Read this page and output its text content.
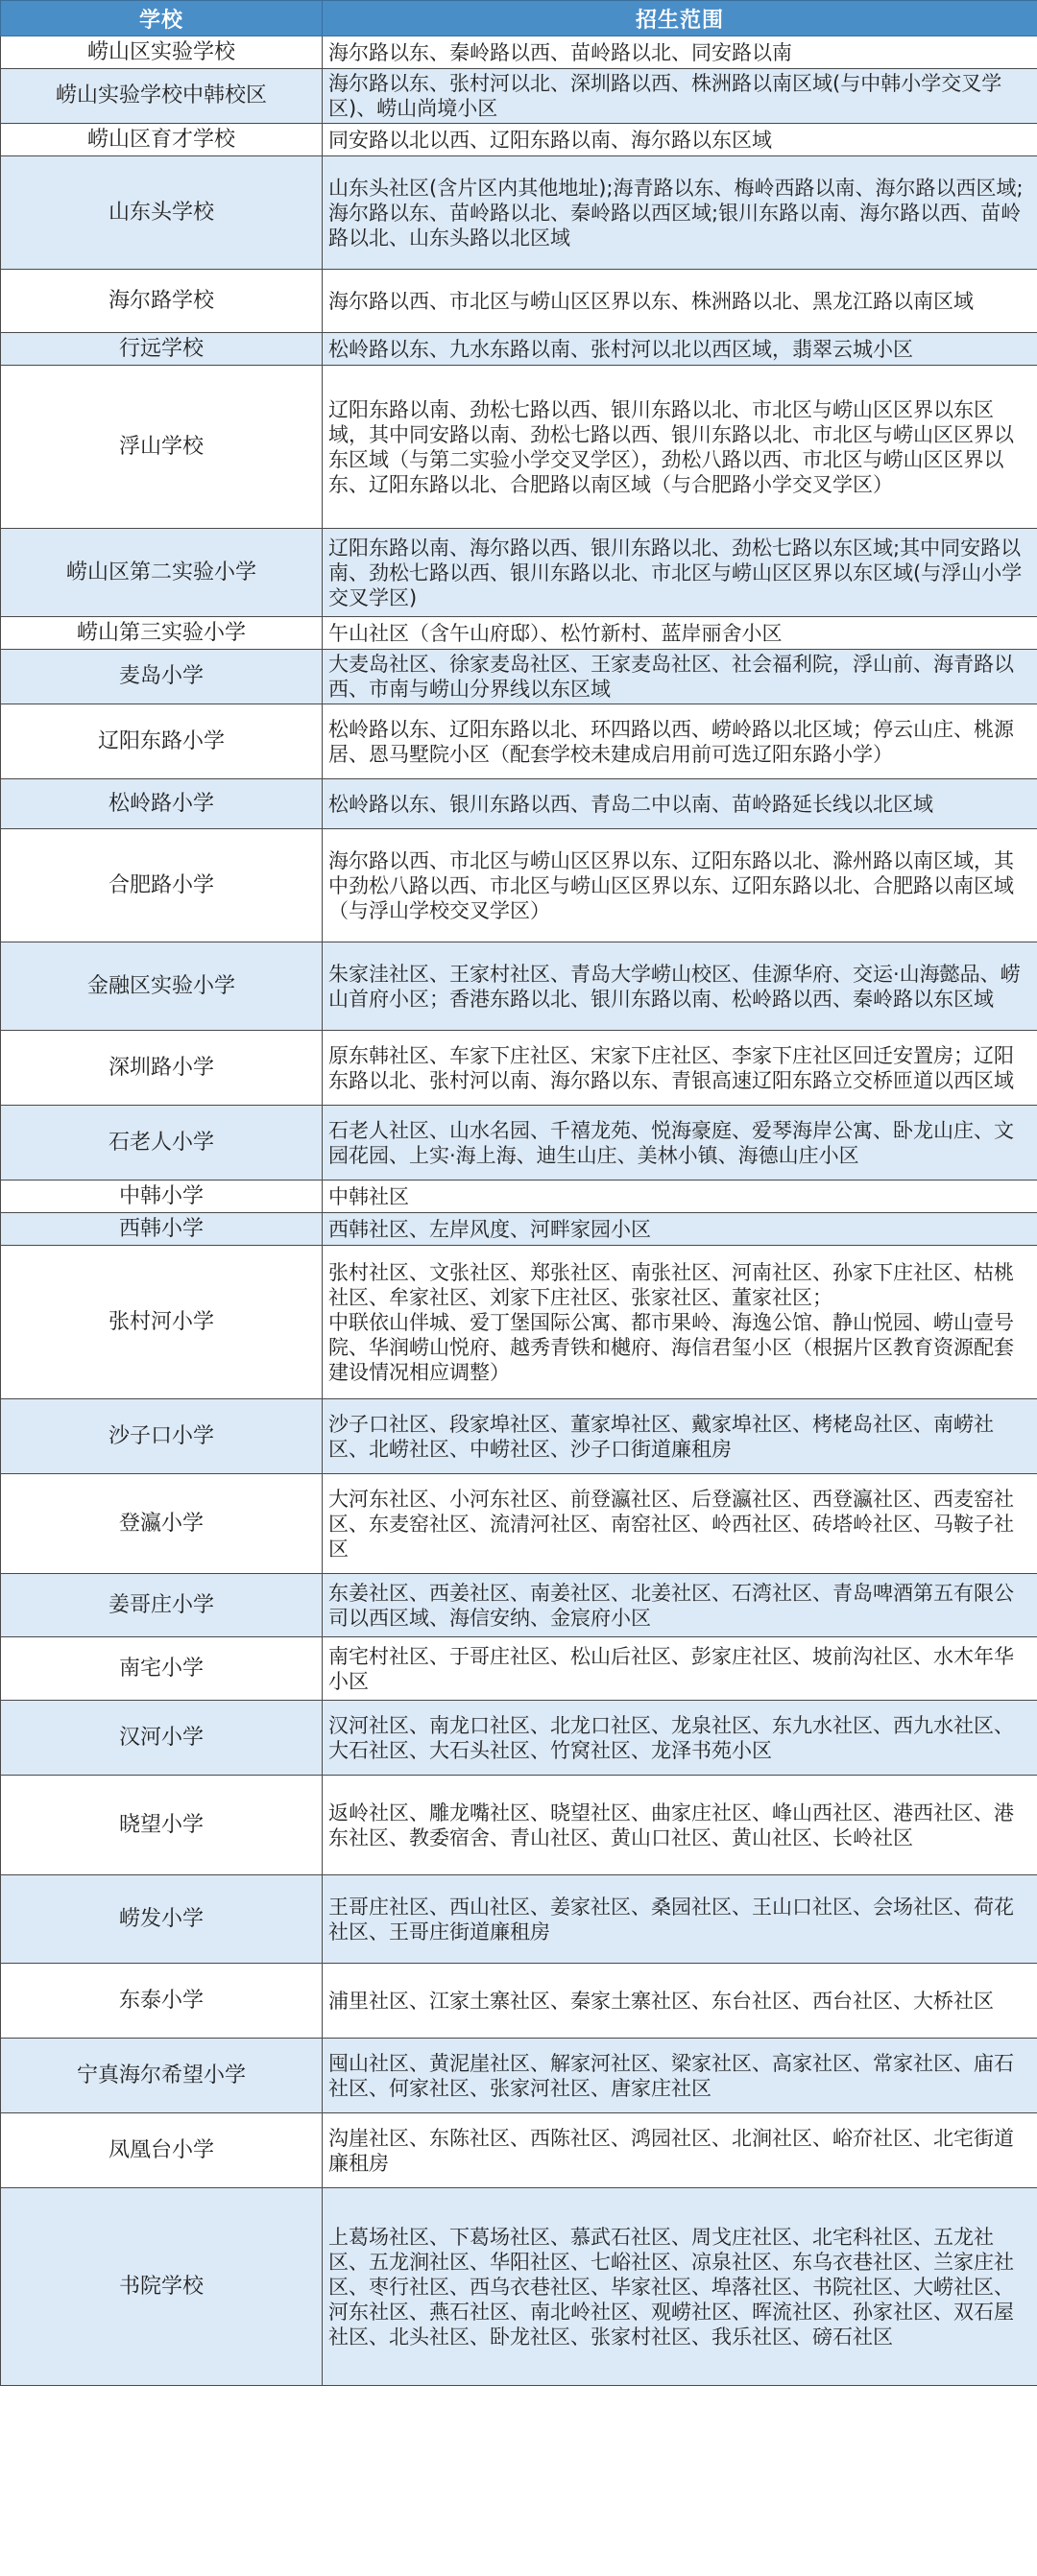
学校	招生范围
崂山区实验学校	海尔路以东、秦岭路以西、苗岭路以北、同安路以南
崂山实验学校中韩校区	海尔路以东、张村河以北、深圳路以西、株洲路以南区域(与中韩小学交叉学区)、崂山尚境小区
崂山区育才学校	同安路以北以西、辽阳东路以南、海尔路以东区域
山东头学校	山东头社区(含片区内其他地址);海青路以东、梅岭西路以南、海尔路以西区域;海尔路以东、苗岭路以北、秦岭路以西区域;银川东路以南、海尔路以西、苗岭路以北、山东头路以北区域
海尔路学校	海尔路以西、市北区与崂山区区界以东、株洲路以北、黑龙江路以南区域
行远学校	松岭路以东、九水东路以南、张村河以北以西区域，翡翠云城小区
浮山学校	辽阳东路以南、劲松七路以西、银川东路以北、市北区与崂山区区界以东区域，其中同安路以南、劲松七路以西、银川东路以北、市北区与崂山区区界以东区域（与第二实验小学交叉学区），劲松八路以西、市北区与崂山区区界以东、辽阳东路以北、合肥路以南区域（与合肥路小学交叉学区）
崂山区第二实验小学	辽阳东路以南、海尔路以西、银川东路以北、劲松七路以东区域;其中同安路以南、劲松七路以西、银川东路以北、市北区与崂山区区界以东区域(与浮山小学交叉学区)
崂山第三实验小学	午山社区（含午山府邸）、松竹新村、蓝岸丽舍小区
麦岛小学	大麦岛社区、徐家麦岛社区、王家麦岛社区、社会福利院，浮山前、海青路以西、市南与崂山分界线以东区域
辽阳东路小学	松岭路以东、辽阳东路以北、环四路以西、崂岭路以北区域；停云山庄、桃源居、恩马墅院小区（配套学校未建成启用前可选辽阳东路小学）
松岭路小学	松岭路以东、银川东路以西、青岛二中以南、苗岭路延长线以北区域
合肥路小学	海尔路以西、市北区与崂山区区界以东、辽阳东路以北、滁州路以南区域，其中劲松八路以西、市北区与崂山区区界以东、辽阳东路以北、合肥路以南区域（与浮山学校交叉学区）
金融区实验小学	朱家洼社区、王家村社区、青岛大学崂山校区、佳源华府、交运·山海懿品、崂山首府小区；香港东路以北、银川东路以南、松岭路以西、秦岭路以东区域
深圳路小学	原东韩社区、车家下庄社区、宋家下庄社区、李家下庄社区回迁安置房；辽阳东路以北、张村河以南、海尔路以东、青银高速辽阳东路立交桥匝道以西区域
石老人小学	石老人社区、山水名园、千禧龙苑、悦海豪庭、爱琴海岸公寓、卧龙山庄、文园花园、上实·海上海、迪生山庄、美林小镇、海德山庄小区
中韩小学	中韩社区
西韩小学	西韩社区、左岸风度、河畔家园小区
张村河小学	张村社区、文张社区、郑张社区、南张社区、河南社区、孙家下庄社区、枯桃社区、牟家社区、刘家下庄社区、张家社区、董家社区；
中联依山伴城、爱丁堡国际公寓、都市果岭、海逸公馆、静山悦园、崂山壹号院、华润崂山悦府、越秀青铁和樾府、海信君玺小区（根据片区教育资源配套建设情况相应调整）
沙子口小学	沙子口社区、段家埠社区、董家埠社区、戴家埠社区、栲栳岛社区、南崂社区、北崂社区、中崂社区、沙子口街道廉租房
登瀛小学	大河东社区、小河东社区、前登瀛社区、后登瀛社区、西登瀛社区、西麦窑社区、东麦窑社区、流清河社区、南窑社区、岭西社区、砖塔岭社区、马鞍子社区
姜哥庄小学	东姜社区、西姜社区、南姜社区、北姜社区、石湾社区、青岛啤酒第五有限公司以西区域、海信安纳、金宸府小区
南宅小学	南宅村社区、于哥庄社区、松山后社区、彭家庄社区、坡前沟社区、水木年华小区
汉河小学	汉河社区、南龙口社区、北龙口社区、龙泉社区、东九水社区、西九水社区、大石社区、大石头社区、竹窝社区、龙泽书苑小区
晓望小学	返岭社区、雕龙嘴社区、晓望社区、曲家庄社区、峰山西社区、港西社区、港东社区、教委宿舍、青山社区、黄山口社区、黄山社区、长岭社区
崂发小学	王哥庄社区、西山社区、姜家社区、桑园社区、王山口社区、会场社区、荷花社区、王哥庄街道廉租房
东泰小学	浦里社区、江家土寨社区、秦家土寨社区、东台社区、西台社区、大桥社区
宁真海尔希望小学	囤山社区、黄泥崖社区、解家河社区、梁家社区、高家社区、常家社区、庙石社区、何家社区、张家河社区、唐家庄社区
凤凰台小学	沟崖社区、东陈社区、西陈社区、鸿园社区、北涧社区、峪夼社区、北宅街道廉租房
书院学校	上葛场社区、下葛场社区、慕武石社区、周戈庄社区、北宅科社区、五龙社区、五龙涧社区、华阳社区、七峪社区、凉泉社区、东乌衣巷社区、兰家庄社区、枣行社区、西乌衣巷社区、毕家社区、埠落社区、书院社区、大崂社区、河东社区、燕石社区、南北岭社区、观崂社区、晖流社区、孙家社区、双石屋社区、北头社区、卧龙社区、张家村社区、我乐社区、磅石社区
